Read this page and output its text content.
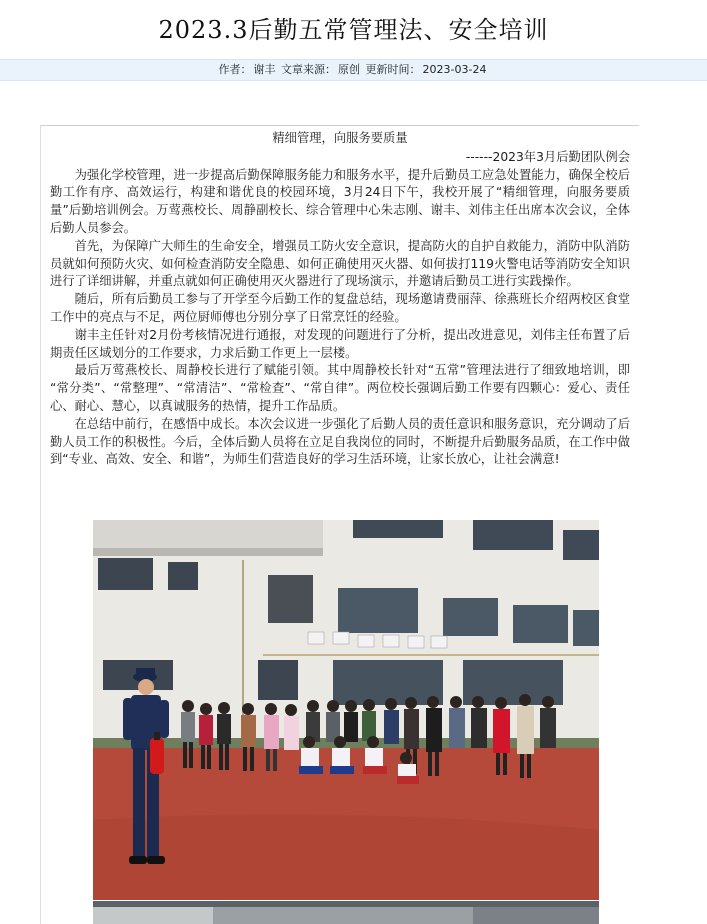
2023.3后勤五常管理法、安全培训
作者： 谢丰 文章来源： 原创 更新时间： 2023-03-24

精细管理，向服务要质量

------2023年3月后勤团队例会

为强化学校管理，进一步提高后勤保障服务能力和服务水平，提升后勤员工应急处置能力，确保全校后勤工作有序、高效运行，构建和谐优良的校园环境，3月24日下午，我校开展了“精细管理，向服务要质量”后勤培训例会。万莺燕校长、周静副校长、综合管理中心朱志刚、谢丰、刘伟主任出席本次会议，全体后勤人员参会。

首先，为保障广大师生的生命安全，增强员工防火安全意识，提高防火的自护自救能力，消防中队消防员就如何预防火灾、如何检查消防安全隐患、如何正确使用灭火器、如何拔打119火警电话等消防安全知识进行了详细讲解，并重点就如何正确使用灭火器进行了现场演示，并邀请后勤员工进行实践操作。

随后，所有后勤员工参与了开学至今后勤工作的复盘总结，现场邀请费丽萍、徐燕班长介绍两校区食堂工作中的亮点与不足，两位厨师傅也分别分享了日常烹饪的经验。

谢丰主任针对2月份考核情况进行通报，对发现的问题进行了分析，提出改进意见，刘伟主任布置了后期责任区域划分的工作要求，力求后勤工作更上一层楼。

最后万莺燕校长、周静校长进行了赋能引领。其中周静校长针对“五常”管理法进行了细致地培训，即 “常分类”、“常整理”、“常清洁”、“常检查”、“常自律”。两位校长强调后勤工作要有四颗心：爱心、责任心、耐心、慧心，以真诚服务的热情，提升工作品质。

在总结中前行，在感悟中成长。本次会议进一步强化了后勤人员的责任意识和服务意识，充分调动了后勤人员工作的积极性。今后，全体后勤人员将在立足自我岗位的同时，不断提升后勤服务品质，在工作中做到“专业、高效、安全、和谐”，为师生们营造良好的学习生活环境，让家长放心，让社会满意!
